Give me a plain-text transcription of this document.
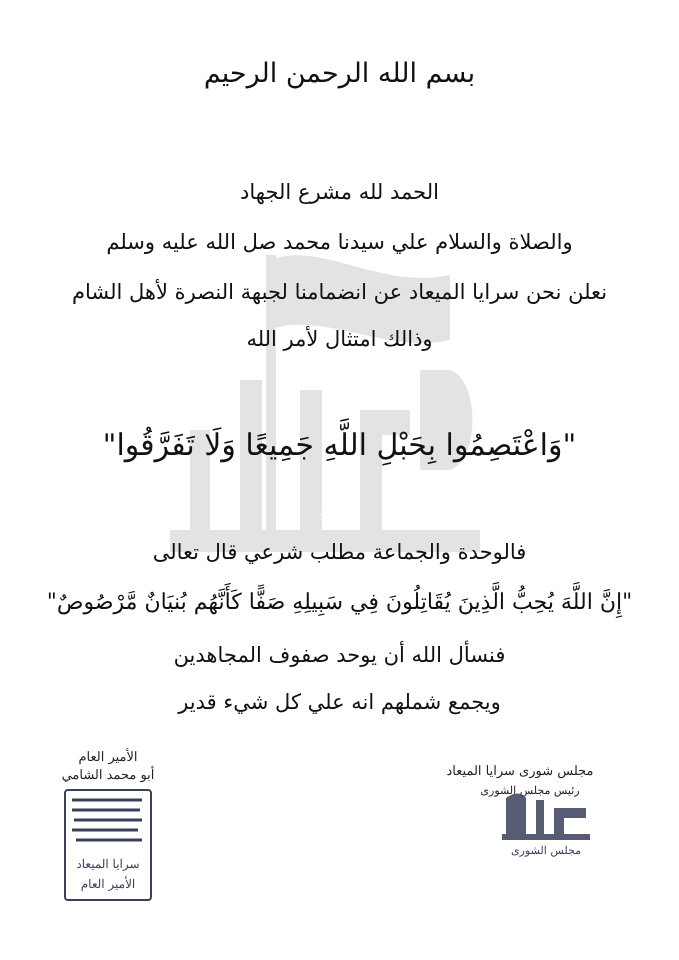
ميعاد
بسم الله الرحمن الرحيم
الحمد لله مشرع الجهاد
والصلاة والسلام علي سيدنا محمد صل الله عليه وسلم
نعلن نحن سرايا الميعاد عن انضمامنا لجبهة النصرة لأهل الشام
وذالك امتثال لأمر الله
"وَاعْتَصِمُوا بِحَبْلِ اللَّهِ جَمِيعًا وَلَا تَفَرَّقُوا"
فالوحدة والجماعة مطلب شرعي قال تعالى
"إِنَّ اللَّهَ يُحِبُّ الَّذِينَ يُقَاتِلُونَ فِي سَبِيلِهِ صَفًّا كَأَنَّهُم بُنيَانٌ مَّرْصُوصٌ"
فنسأل الله أن يوحد صفوف المجاهدين
ويجمع شملهم انه علي كل شيء قدير
الأمير العام
أبو محمد الشامي
سرايا الميعاد
الأمير العام
مجلس شورى سرايا الميعاد
رئيس مجلس الشورى
مجلس الشورى
